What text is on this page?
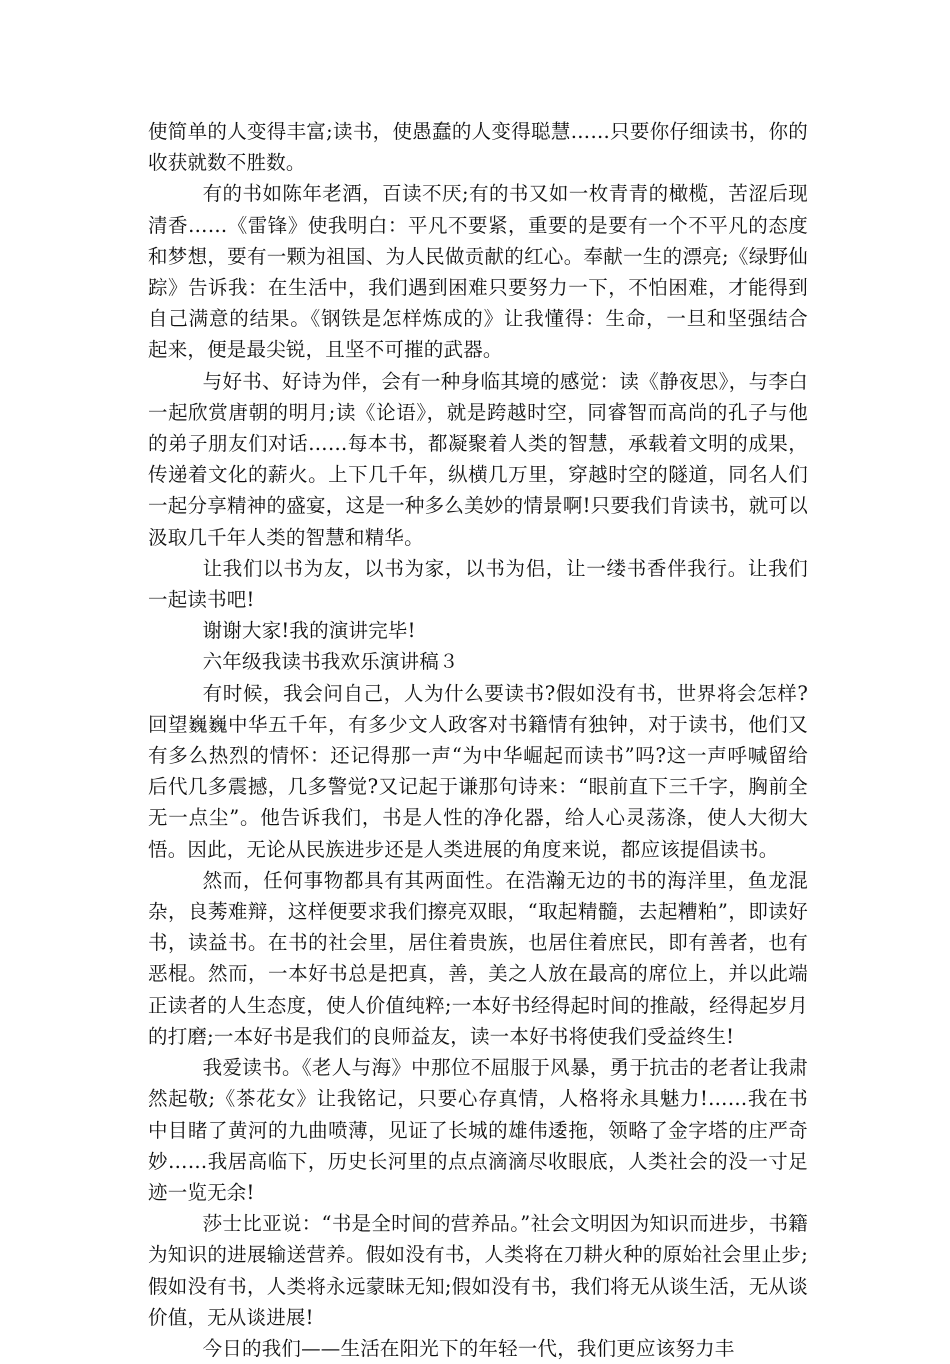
使简单的人变得丰富;读书，使愚蠢的人变得聪慧……只要你仔细读书，你的收获就数不胜数。

有的书如陈年老酒，百读不厌;有的书又如一枚青青的橄榄，苦涩后现清香……《雷锋》使我明白：平凡不要紧，重要的是要有一个不平凡的态度和梦想，要有一颗为祖国、为人民做贡献的红心。奉献一生的漂亮;《绿野仙踪》告诉我：在生活中，我们遇到困难只要努力一下，不怕困难，才能得到自己满意的结果。《钢铁是怎样炼成的》让我懂得：生命，一旦和坚强结合起来，便是最尖锐，且坚不可摧的武器。

与好书、好诗为伴，会有一种身临其境的感觉：读《静夜思》，与李白一起欣赏唐朝的明月;读《论语》，就是跨越时空，同睿智而高尚的孔子与他的弟子朋友们对话……每本书，都凝聚着人类的智慧，承载着文明的成果，传递着文化的薪火。上下几千年，纵横几万里，穿越时空的隧道，同名人们一起分享精神的盛宴，这是一种多么美妙的情景啊!只要我们肯读书，就可以汲取几千年人类的智慧和精华。

让我们以书为友，以书为家，以书为侣，让一缕书香伴我行。让我们一起读书吧!

谢谢大家!我的演讲完毕!

六年级我读书我欢乐演讲稿３

有时候，我会问自己，人为什么要读书?假如没有书，世界将会怎样?回望巍巍中华五千年，有多少文人政客对书籍情有独钟，对于读书，他们又有多么热烈的情怀：还记得那一声“为中华崛起而读书”吗?这一声呼喊留给后代几多震撼，几多警觉?又记起于谦那句诗来：“眼前直下三千字，胸前全无一点尘”。他告诉我们，书是人性的净化器，给人心灵荡涤，使人大彻大悟。因此，无论从民族进步还是人类进展的角度来说，都应该提倡读书。

然而，任何事物都具有其两面性。在浩瀚无边的书的海洋里，鱼龙混杂，良莠难辩，这样便要求我们擦亮双眼，“取起精髓，去起糟粕”，即读好书，读益书。在书的社会里，居住着贵族，也居住着庶民，即有善者，也有恶棍。然而，一本好书总是把真，善，美之人放在最高的席位上，并以此端正读者的人生态度，使人价值纯粹;一本好书经得起时间的推敲，经得起岁月的打磨;一本好书是我们的良师益友，读一本好书将使我们受益终生!

我爱读书。《老人与海》中那位不屈服于风暴，勇于抗击的老者让我肃然起敬;《茶花女》让我铭记，只要心存真情，人格将永具魅力!……我在书中目睹了黄河的九曲喷薄，见证了长城的雄伟逶拖，领略了金字塔的庄严奇妙……我居高临下，历史长河里的点点滴滴尽收眼底，人类社会的没一寸足迹一览无余!

莎士比亚说：“书是全时间的营养品。”社会文明因为知识而进步，书籍为知识的进展输送营养。假如没有书，人类将在刀耕火种的原始社会里止步;假如没有书，人类将永远蒙昧无知;假如没有书，我们将无从谈生活，无从谈价值，无从谈进展!

今日的我们——生活在阳光下的年轻一代，我们更应该努力丰
